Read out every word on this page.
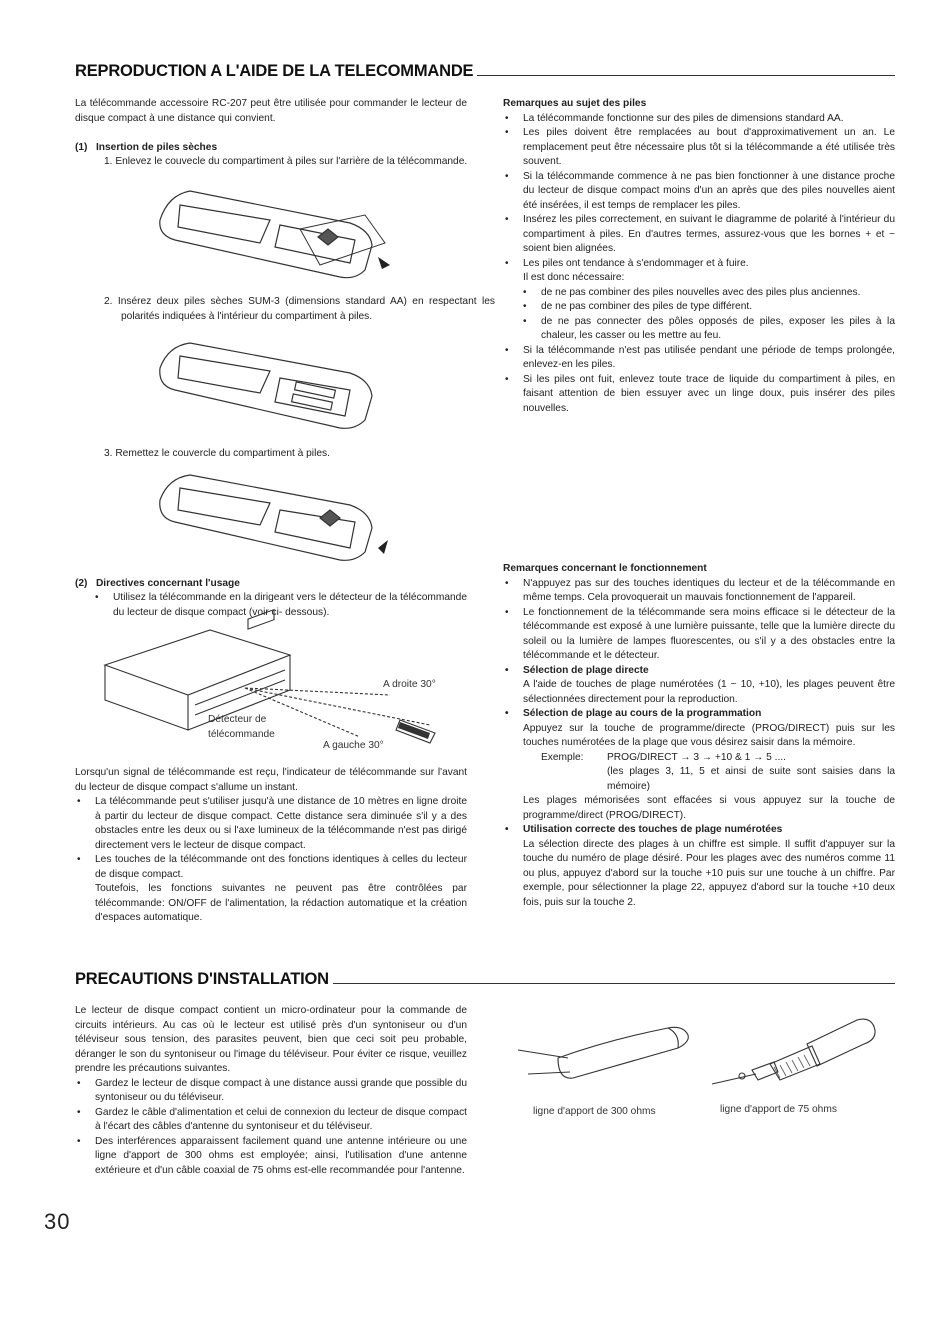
REPRODUCTION A L'AIDE DE LA TELECOMMANDE

La télécommande accessoire RC-207 peut être utilisée pour commander le lecteur de disque compact à une distance qui convient.

(1)   Insertion de piles sèches
1. Enlevez le couvecle du compartiment à piles sur l'arrière de la télécommande.
2. Insérez deux piles sèches SUM-3 (dimensions standard AA) en respectant les polarités indiquées à l'intérieur du compartiment à piles.
3. Remettez le couvercle du compartiment à piles.
(2)   Directives concernant l'usage
• Utilisez la télécommande en la dirigeant vers le détecteur de la télécommande du lecteur de disque compact (voir ci- dessous).
A droite 30°
Détecteur de
télécommande
A gauche 30°

Lorsqu'un signal de télécommande est reçu, l'indicateur de télécommande sur l'avant du lecteur de disque compact s'allume un instant.

• La télécommande peut s'utiliser jusqu'à une distance de 10 mètres en ligne droite à partir du lecteur de disque compact. Cette distance sera diminuée s'il y a des obstacles entre les deux ou si l'axe lumineux de la télécommande n'est pas dirigé directement vers le lecteur de disque compact.
• Les touches de la télécommande ont des fonctions identiques à celles du lecteur de disque compact.

Toutefois, les fonctions suivantes ne peuvent pas être contrôlées par télécommande: ON/OFF de l'alimentation, la rédaction automatique et la création d'espaces automatique.

Remarques au sujet des piles

• La télécommande fonctionne sur des piles de dimensions standard AA.
• Les piles doivent être remplacées au bout d'approximativement un an. Le remplacement peut être nécessaire plus tôt si la télécommande a été utilisée très souvent.
• Si la télécommande commence à ne pas bien fonctionner à une distance proche du lecteur de disque compact moins d'un an après que des piles nouvelles aient été insérées, il est temps de remplacer les piles.
• Insérez les piles correctement, en suivant le diagramme de polarité à l'intérieur du compartiment à piles. En d'autres termes, assurez-vous que les bornes + et ~ soient bien alignées.
• Les piles ont tendance à s'endommager et à fuire.

Il est donc nécessaire:

• de ne pas combiner des piles nouvelles avec des piles plus anciennes.
• de ne pas combiner des piles de type différent.
• de ne pas connecter des pôles opposés de piles, exposer les piles à la chaleur, les casser ou les mettre au feu.
• Si la télécommande n'est pas utilisée pendant une période de temps prolongée, enlevez-en les piles.
• Si les piles ont fuit, enlevez toute trace de liquide du compartiment à piles, en faisant attention de bien essuyer avec un linge doux, puis insérer des piles nouvelles.

Remarques concernant le fonctionnement

• N'appuyez pas sur des touches identiques du lecteur et de la télécommande en même temps. Cela provoquerait un mauvais fonctionnement de l'appareil.
• Le fonctionnement de la télécommande sera moins efficace si le détecteur de la télécommande est exposé à une lumière puissante, telle que la lumière directe du soleil ou la lumière de lampes fluorescentes, ou s'il y a des obstacles entre la télécommande et le détecteur.
• Sélection de plage directe

A l'aide de touches de plage numérotées (1 ~ 10, +10), les plages peuvent être sélectionnées directement pour la reproduction.

• Sélection de plage au cours de la programmation

Appuyez sur la touche de programme/directe (PROG/DIRECT) puis sur les touches numérotées de la plage que vous désirez saisir dans la mémoire.

Exemple:	PROG/DIRECT → 3 → +10 & 1 → 5 ....

(les plages 3, 11, 5 et ainsi de suite sont saisies dans la mémoire)

Les plages mémorisées sont effacées si vous appuyez sur la touche de programme/direct (PROG/DIRECT).

• Utilisation correcte des touches de plage numérotées

La sélection directe des plages à un chiffre est simple. Il suffit d'appuyer sur la touche du numéro de plage désiré. Pour les plages avec des numéros comme 11 ou plus, appuyez d'abord sur la touche +10 puis sur une touche à un chiffre. Par exemple, pour sélectionner la plage 22, appuyez d'abord sur la touche +10 deux fois, puis sur la touche 2.

PRECAUTIONS D'INSTALLATION

Le lecteur de disque compact contient un micro-ordinateur pour la commande de circuits intérieurs. Au cas où le lecteur est utilisé près d'un syntoniseur ou d'un téléviseur sous tension, des parasites peuvent, bien que ceci soit peu probable, déranger le son du syntoniseur ou l'image du téléviseur. Pour éviter ce risque, veuillez prendre les précautions suivantes.

• Gardez le lecteur de disque compact à une distance aussi grande que possible du syntoniseur ou du téléviseur.
• Gardez le câble d'alimentation et celui de connexion du lecteur de disque compact à l'écart des câbles d'antenne du syntoniseur et du téléviseur.
• Des interférences apparaissent facilement quand une antenne intérieure ou une ligne d'apport de 300 ohms est employée; ainsi, l'utilisation d'une antenne extérieure et d'un câble coaxial de 75 ohms est-elle recommandée pour l'antenne.
ligne d'apport de 300 ohms	ligne d'apport de 75 ohms
30
